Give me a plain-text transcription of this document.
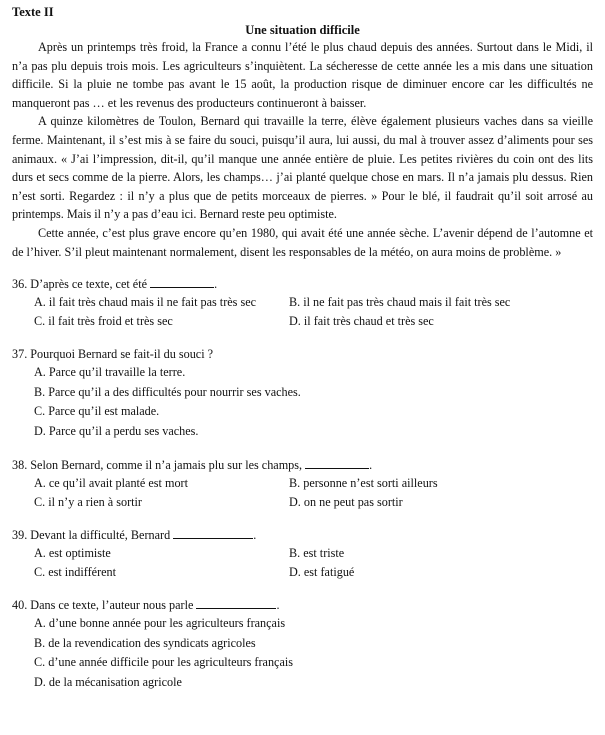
Texte II
Une situation difficile

Après un printemps très froid, la France a connu l’été le plus chaud depuis des années. Surtout dans le Midi, il n’a pas plu depuis trois mois. Les agriculteurs s’inquiètent. La sécheresse de cette année les a mis dans une situation difficile. Si la pluie ne tombe pas avant le 15 août, la production risque de diminuer encore car les difficultés ne manqueront pas … et les revenus des producteurs continueront à baisser.

A quinze kilomètres de Toulon, Bernard qui travaille la terre, élève également plusieurs vaches dans sa vieille ferme. Maintenant, il s’est mis à se faire du souci, puisqu’il aura, lui aussi, du mal à trouver assez d’aliments pour ses animaux. « J’ai l’impression, dit-il, qu’il manque une année entière de pluie. Les petites rivières du coin ont des lits durs et secs comme de la pierre. Alors, les champs… j’ai planté quelque chose en mars. Il n’a jamais plu dessus. Rien n’est sorti. Regardez : il n’y a plus que de petits morceaux de pierres. » Pour le blé, il faudrait qu’il soit arrosé au printemps. Mais il n’y a pas d’eau ici. Bernard reste peu optimiste.

Cette année, c’est plus grave encore qu’en 1980, qui avait été une année sèche. L’avenir dépend de l’automne et de l’hiver. S’il pleut maintenant normalement, disent les responsables de la météo, on aura moins de problème. »

36. D’après ce texte, cet été	.
A. il fait très chaud mais il ne fait pas très sec	B. il ne fait pas très chaud mais il fait très sec
C. il fait très froid et très sec	D. il fait très chaud et très sec
37. Pourquoi Bernard se fait-il du souci ?
A. Parce qu’il travaille la terre.
B. Parce qu’il a des difficultés pour nourrir ses vaches.
C. Parce qu’il est malade.
D. Parce qu’il a perdu ses vaches.
38. Selon Bernard, comme il n’a jamais plu sur les champs,	.
A. ce qu’il avait planté est mort	B. personne n’est sorti ailleurs
C. il n’y a rien à sortir	D. on ne peut pas sortir
39. Devant la difficulté, Bernard	.
A. est optimiste	B. est triste
C. est indifférent	D. est fatigué
40. Dans ce texte, l’auteur nous parle	.
A. d’une bonne année pour les agriculteurs français
B. de la revendication des syndicats agricoles
C. d’une année difficile pour les agriculteurs français
D. de la mécanisation agricole
